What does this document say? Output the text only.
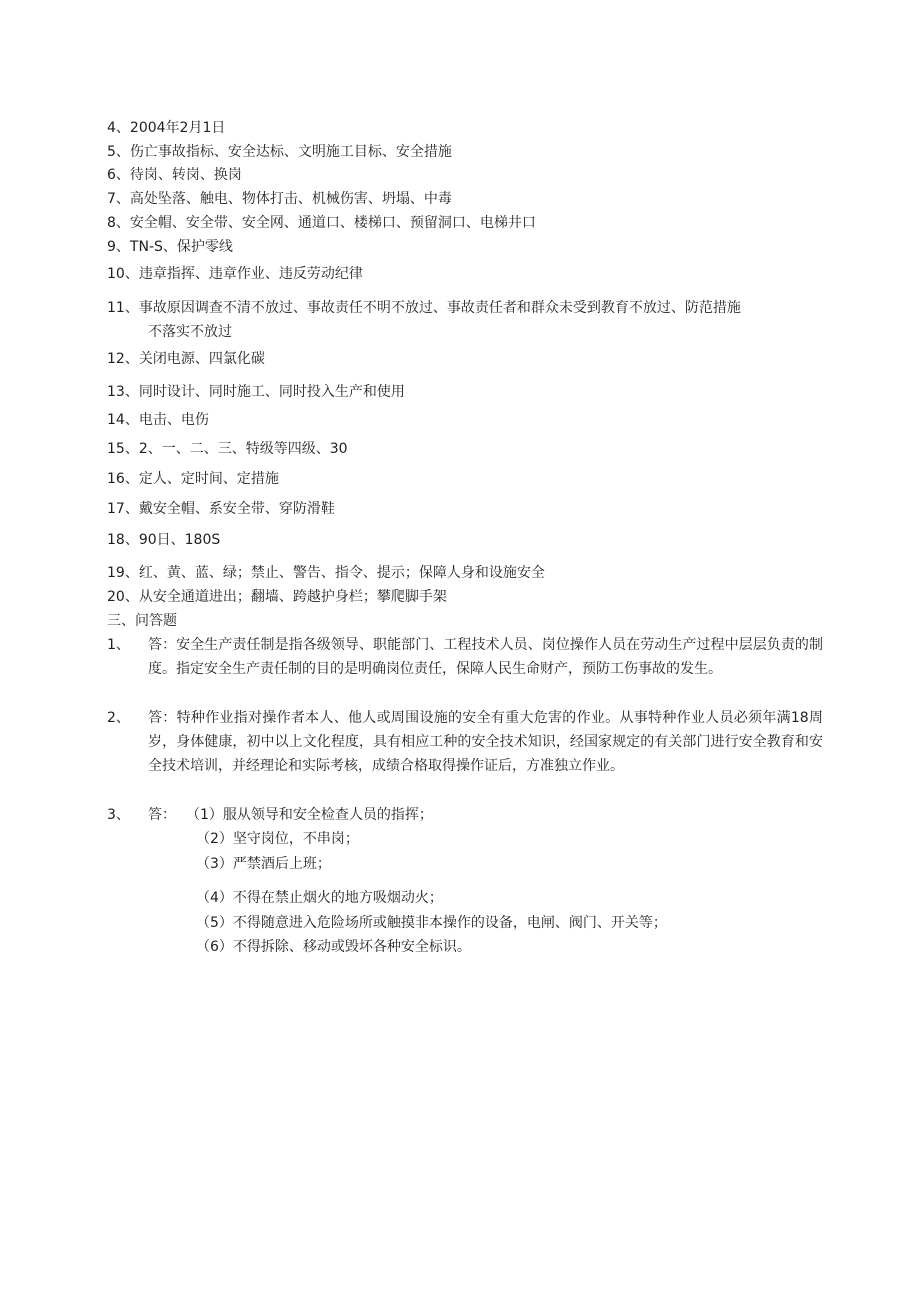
4、2004年2月1日
5、伤亡事故指标、安全达标、文明施工目标、安全措施
6、待岗、转岗、换岗
7、高处坠落、触电、物体打击、机械伤害、坍塌、中毒
8、安全帽、安全带、安全网、通道口、楼梯口、预留洞口、电梯井口
9、TN-S、保护零线
10、违章指挥、违章作业、违反劳动纪律
11、事故原因调查不清不放过、事故责任不明不放过、事故责任者和群众未受到教育不放过、防范措施
不落实不放过
12、关闭电源、四氯化碳
13、同时设计、同时施工、同时投入生产和使用
14、电击、电伤
15、2、一、二、三、特级等四级、30
16、定人、定时间、定措施
17、戴安全帽、系安全带、穿防滑鞋
18、90日、180S
19、红、黄、蓝、绿；禁止、警告、指令、提示；保障人身和设施安全
20、从安全通道进出；翻墙、跨越护身栏；攀爬脚手架
三、问答题
1、 答：安全生产责任制是指各级领导、职能部门、工程技术人员、岗位操作人员在劳动生产过程中层层负责的制度。指定安全生产责任制的目的是明确岗位责任，保障人民生命财产，预防工伤事故的发生。
2、 答：特种作业指对操作者本人、他人或周围设施的安全有重大危害的作业。从事特种作业人员必须年满18周岁，身体健康，初中以上文化程度，具有相应工种的安全技术知识，经国家规定的有关部门进行安全教育和安全技术培训，并经理论和实际考核，成绩合格取得操作证后，方准独立作业。
3、 答： （1）服从领导和安全检查人员的指挥；
（2）坚守岗位，不串岗；
（3）严禁酒后上班；
（4）不得在禁止烟火的地方吸烟动火；
（5）不得随意进入危险场所或触摸非本操作的设备，电闸、阀门、开关等；
（6）不得拆除、移动或毁坏各种安全标识。
